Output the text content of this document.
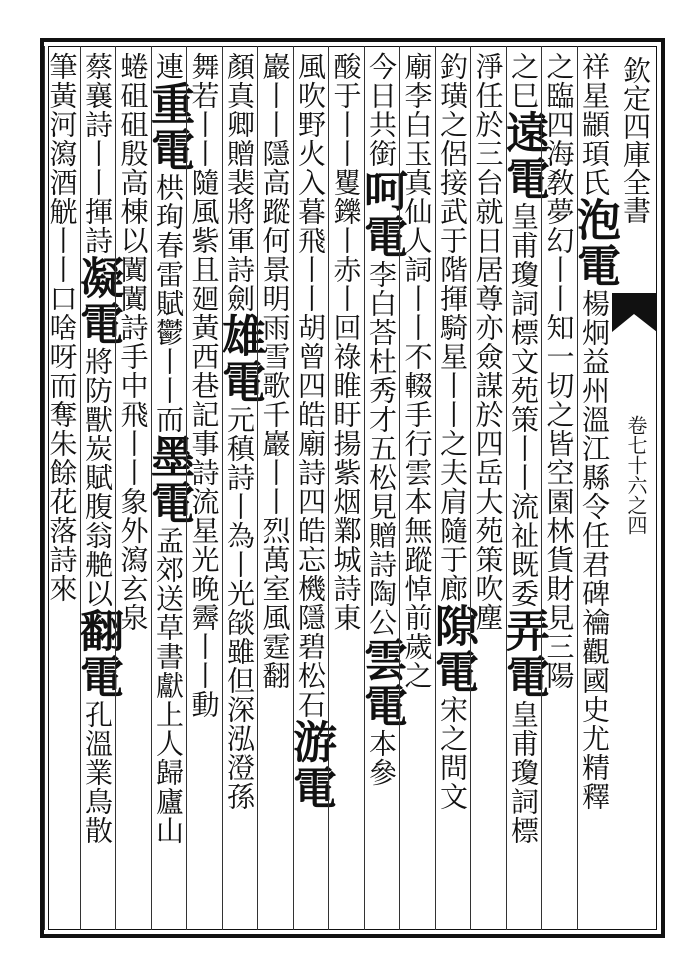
欽定四庫全書
卷七十六之四
祥星顓頊氏泡電楊炯益州溫江縣令任君碑禴觀國史尤精釋
之臨四海敎夢幻丨丨知一切之皆空園林貨財見三陽
之巳遠電皇甫瓊詞標文苑策丨丨流祉既委弄電皇甫瓊詞標
淨任於三台就日居尊亦僉謀於四岳大苑策吹塵
釣璜之侶接武于階揮騎星丨丨之夫肩隨于廊隙電宋之問文
廟李白玉真仙人詞丨丨不輟手行雲本無蹤悼前歲之
今日共銜呵電李白荅杜秀才五松見贈詩陶公雲電本參
酸于丨丨矍鑠丨赤丨回祿睢盱揚紫烟鄴城詩東
風吹野火入暮飛丨丨胡曾四皓廟詩四皓忘機隱碧松石游電
巖丨丨隱高蹤何景明雨雪歌千巖丨丨烈萬室風霆翻
顏真卿贈裴將軍詩劍雄電元稹詩丨為丨光燄雖但深泓澄孫
舞若丨丨隨風紫且廻黃西巷記事詩流星光晚霽丨丨動
連重電栱珣春雷賦鬱丨丨而墨電孟郊送草書獻上人歸廬山
蜷砠砠殷高棟以闐闐詩手中飛丨丨象外瀉玄泉
蔡襄詩丨丨揮詩凝電將防獸炭賦腹翁艴以翻電孔溫業鳥散
筆黃河瀉酒觥丨丨口啥呀而奪朱餘花落詩來
